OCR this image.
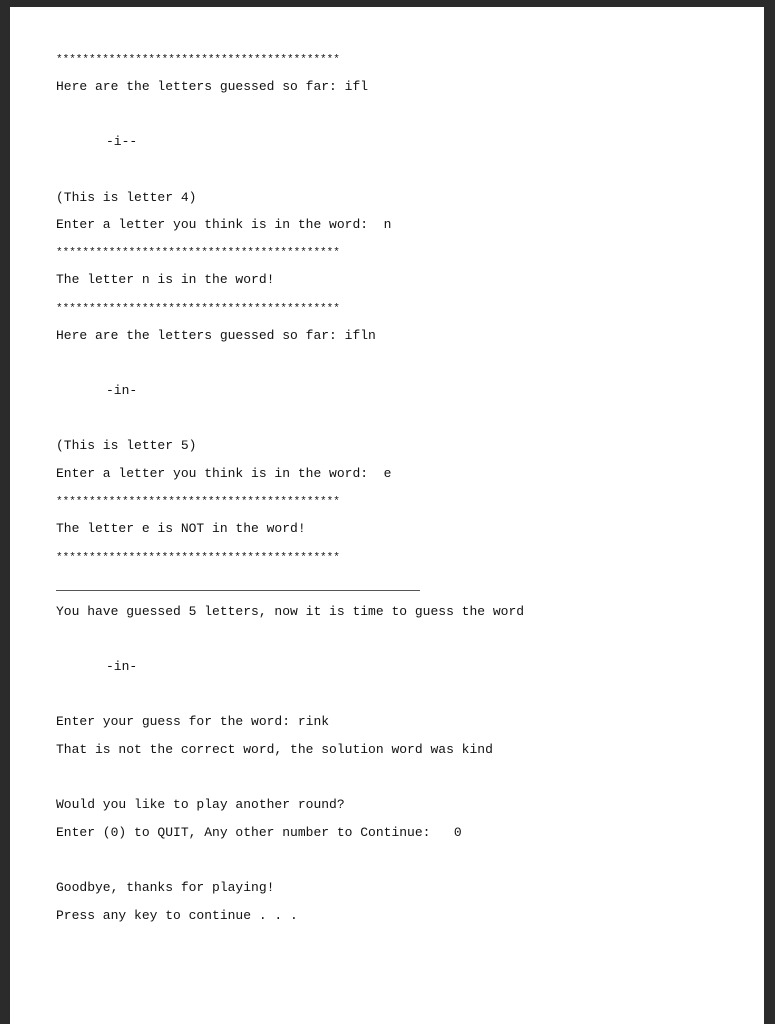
*******************************************

Here are the letters guessed so far: ifl

-i--

(This is letter 4)

Enter a letter you think is in the word:  n

*******************************************

The letter n is in the word!

*******************************************

Here are the letters guessed so far: ifln

-in-

(This is letter 5)

Enter a letter you think is in the word:  e

*******************************************

The letter e is NOT in the word!

*******************************************

You have guessed 5 letters, now it is time to guess the word

-in-

Enter your guess for the word: rink

That is not the correct word, the solution word was kind

Would you like to play another round?

Enter (0) to QUIT, Any other number to Continue:   0

Goodbye, thanks for playing!

Press any key to continue . . .
